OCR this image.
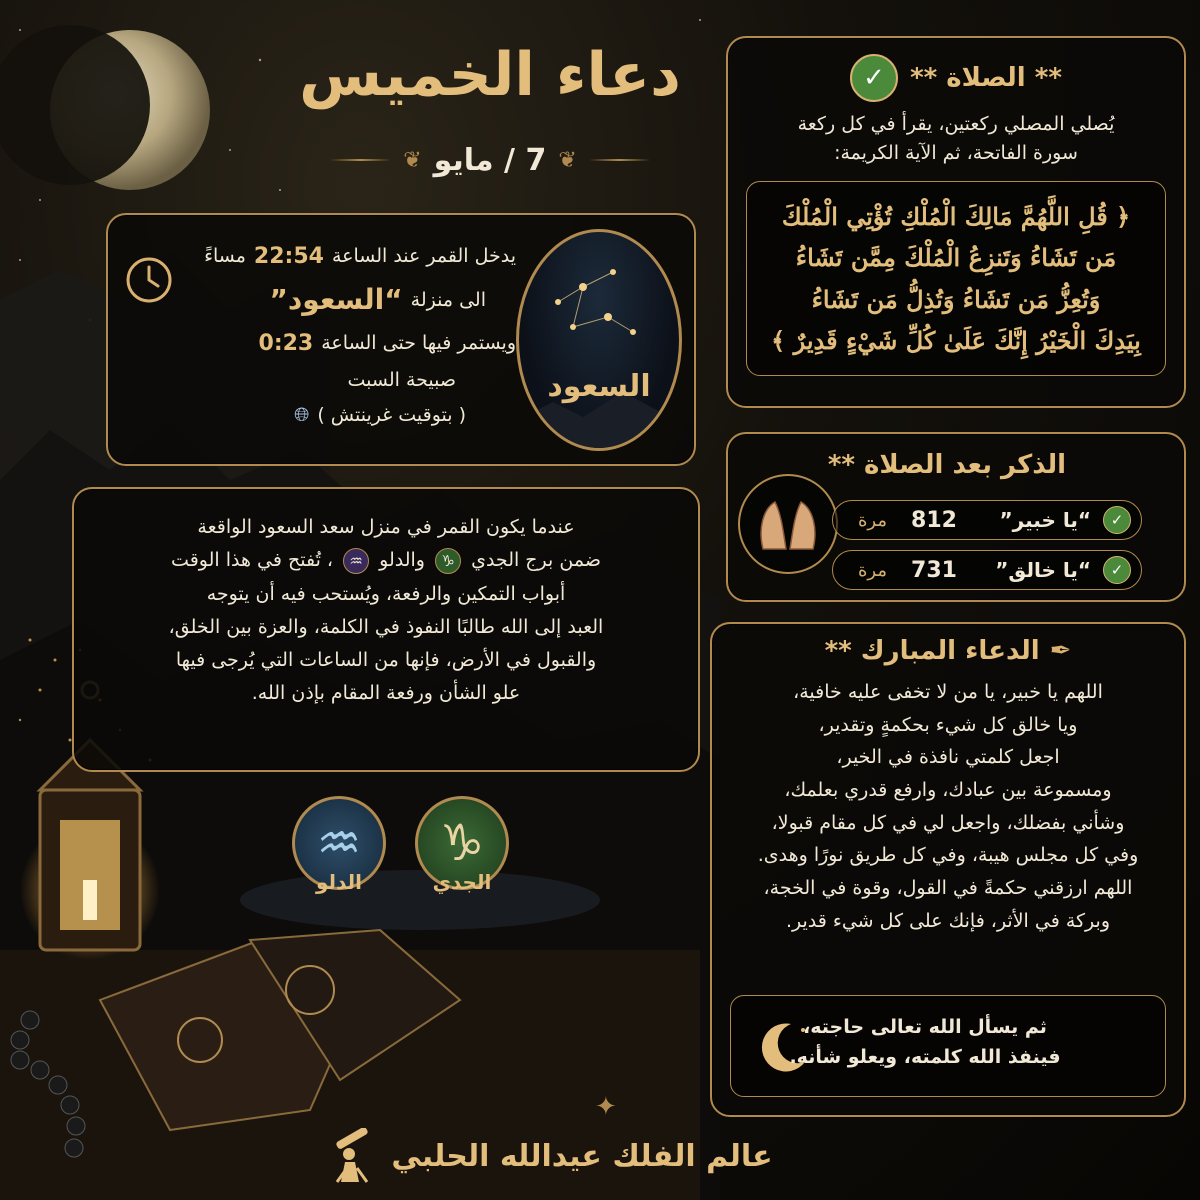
دعاء الخميس
❦
7 / مايو
❦
السعود
يدخل القمر عند الساعة
22:54
مساءً
الى منزلة
“السعود”
ويستمر فيها حتى الساعة
0:23
صبيحة السبت
( بتوقيت غرينتش )
🌐︎

عندما يكون القمر في منزل سعد السعود الواقعة
ضمن برج الجدي ♑ والدلو ♒ ، تُفتح في هذا الوقت
أبواب التمكين والرفعة، ويُستحب فيه أن يتوجه
العبد إلى الله طالبًا النفوذ في الكلمة، والعزة بين الخلق،
والقبول في الأرض، فإنها من الساعات التي يُرجى فيها
علو الشأن ورفعة المقام بإذن الله.

♑
الجدي
♒
الدلو
** الصلاة **
✓
يُصلي المصلي ركعتين، يقرأ في كل ركعة
سورة الفاتحة، ثم الآية الكريمة:
﴿ قُلِ اللَّهُمَّ مَالِكَ الْمُلْكِ تُؤْتِي الْمُلْكَ
مَن تَشَاءُ وَتَنزِعُ الْمُلْكَ مِمَّن تَشَاءُ
وَتُعِزُّ مَن تَشَاءُ وَتُذِلُّ مَن تَشَاءُ
بِيَدِكَ الْخَيْرُ إِنَّكَ عَلَىٰ كُلِّ شَيْءٍ قَدِيرٌ ﴾
الذكر بعد الصلاة **
✓
“يا خبير”
812
مرة
✓
“يا خالق”
731
مرة
✒
الدعاء المبارك **
اللهم يا خبير، يا من لا تخفى عليه خافية،
ويا خالق كل شيء بحكمةٍ وتقدير،
اجعل كلمتي نافذة في الخير،
ومسموعة بين عبادك، وارفع قدري بعلمك،
وشأني بفضلك، واجعل لي في كل مقام قبولا،
وفي كل مجلس هيبة، وفي كل طريق نورًا وهدى.
اللهم ارزقني حكمةً في القول، وقوة في الخجة،
وبركة في الأثر، فإنك على كل شيء قدير.
ثم يسأل الله تعالى حاجته،
فينفذ الله كلمته، ويعلو شأنه.
✦
عالم الفلك عيدالله الحلبي
